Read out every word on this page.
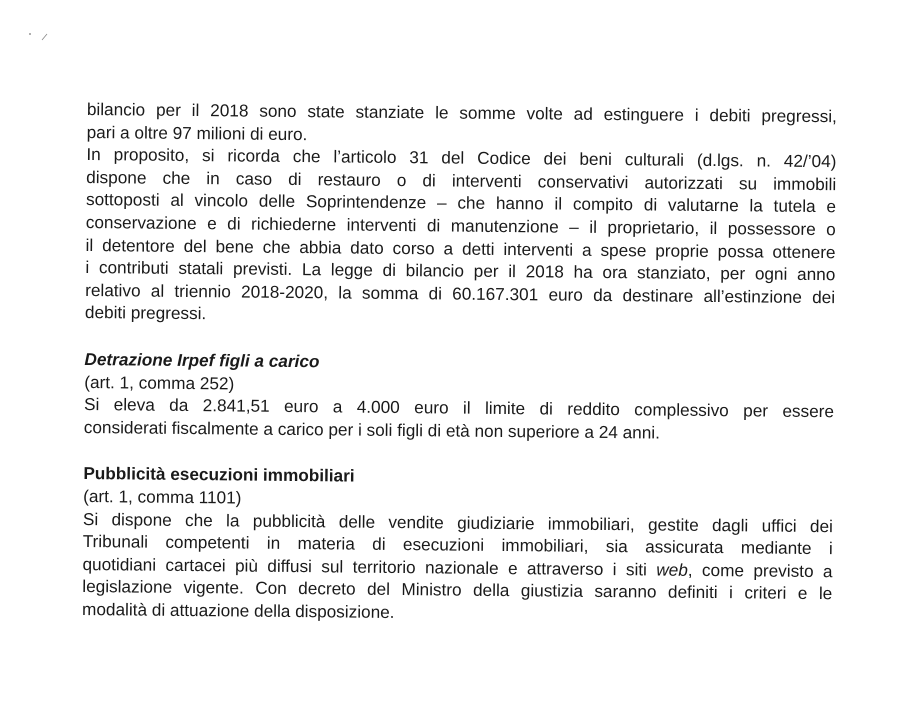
bilancio per il 2018 sono state stanziate le somme volte ad estinguere i debiti pregressi,
pari a oltre 97 milioni di euro.
In proposito, si ricorda che l’articolo 31 del Codice dei beni culturali (d.lgs. n. 42/’04)
dispone che in caso di restauro o di interventi conservativi autorizzati su immobili
sottoposti al vincolo delle Soprintendenze – che hanno il compito di valutarne la tutela e
conservazione e di richiederne interventi di manutenzione – il proprietario, il possessore o
il detentore del bene che abbia dato corso a detti interventi a spese proprie possa ottenere
i contributi statali previsti. La legge di bilancio per il 2018 ha ora stanziato, per ogni anno
relativo al triennio 2018-2020, la somma di 60.167.301 euro da destinare all’estinzione dei
debiti pregressi.
Detrazione Irpef figli a carico
(art. 1, comma 252)
Si eleva da 2.841,51 euro a 4.000 euro il limite di reddito complessivo per essere
considerati fiscalmente a carico per i soli figli di età non superiore a 24 anni.
Pubblicità esecuzioni immobiliari
(art. 1, comma 1101)
Si dispone che la pubblicità delle vendite giudiziarie immobiliari, gestite dagli uffici dei
Tribunali competenti in materia di esecuzioni immobiliari, sia assicurata mediante i
quotidiani cartacei più diffusi sul territorio nazionale e attraverso i siti web, come previsto a
legislazione vigente. Con decreto del Ministro della giustizia saranno definiti i criteri e le
modalità di attuazione della disposizione.
